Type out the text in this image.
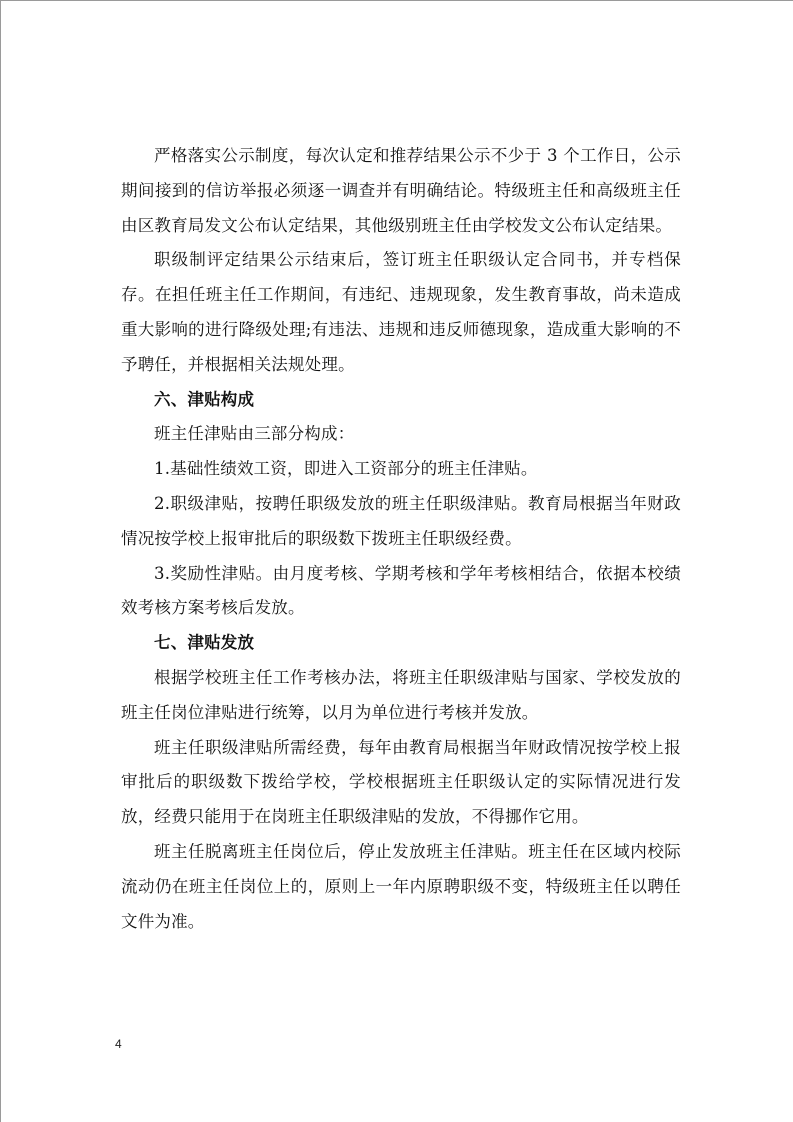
严格落实公示制度，每次认定和推荐结果公示不少于 3 个工作日，公示期间接到的信访举报必须逐一调查并有明确结论。特级班主任和高级班主任由区教育局发文公布认定结果，其他级别班主任由学校发文公布认定结果。

职级制评定结果公示结束后，签订班主任职级认定合同书，并专档保存。在担任班主任工作期间，有违纪、违规现象，发生教育事故，尚未造成重大影响的进行降级处理;有违法、违规和违反师德现象，造成重大影响的不予聘任，并根据相关法规处理。

六、津贴构成

班主任津贴由三部分构成：

1.基础性绩效工资，即进入工资部分的班主任津贴。

2.职级津贴，按聘任职级发放的班主任职级津贴。教育局根据当年财政情况按学校上报审批后的职级数下拨班主任职级经费。

3.奖励性津贴。由月度考核、学期考核和学年考核相结合，依据本校绩效考核方案考核后发放。

七、津贴发放

根据学校班主任工作考核办法，将班主任职级津贴与国家、学校发放的班主任岗位津贴进行统筹，以月为单位进行考核并发放。

班主任职级津贴所需经费，每年由教育局根据当年财政情况按学校上报审批后的职级数下拨给学校，学校根据班主任职级认定的实际情况进行发放，经费只能用于在岗班主任职级津贴的发放，不得挪作它用。

班主任脱离班主任岗位后，停止发放班主任津贴。班主任在区域内校际流动仍在班主任岗位上的，原则上一年内原聘职级不变，特级班主任以聘任文件为准。

4
